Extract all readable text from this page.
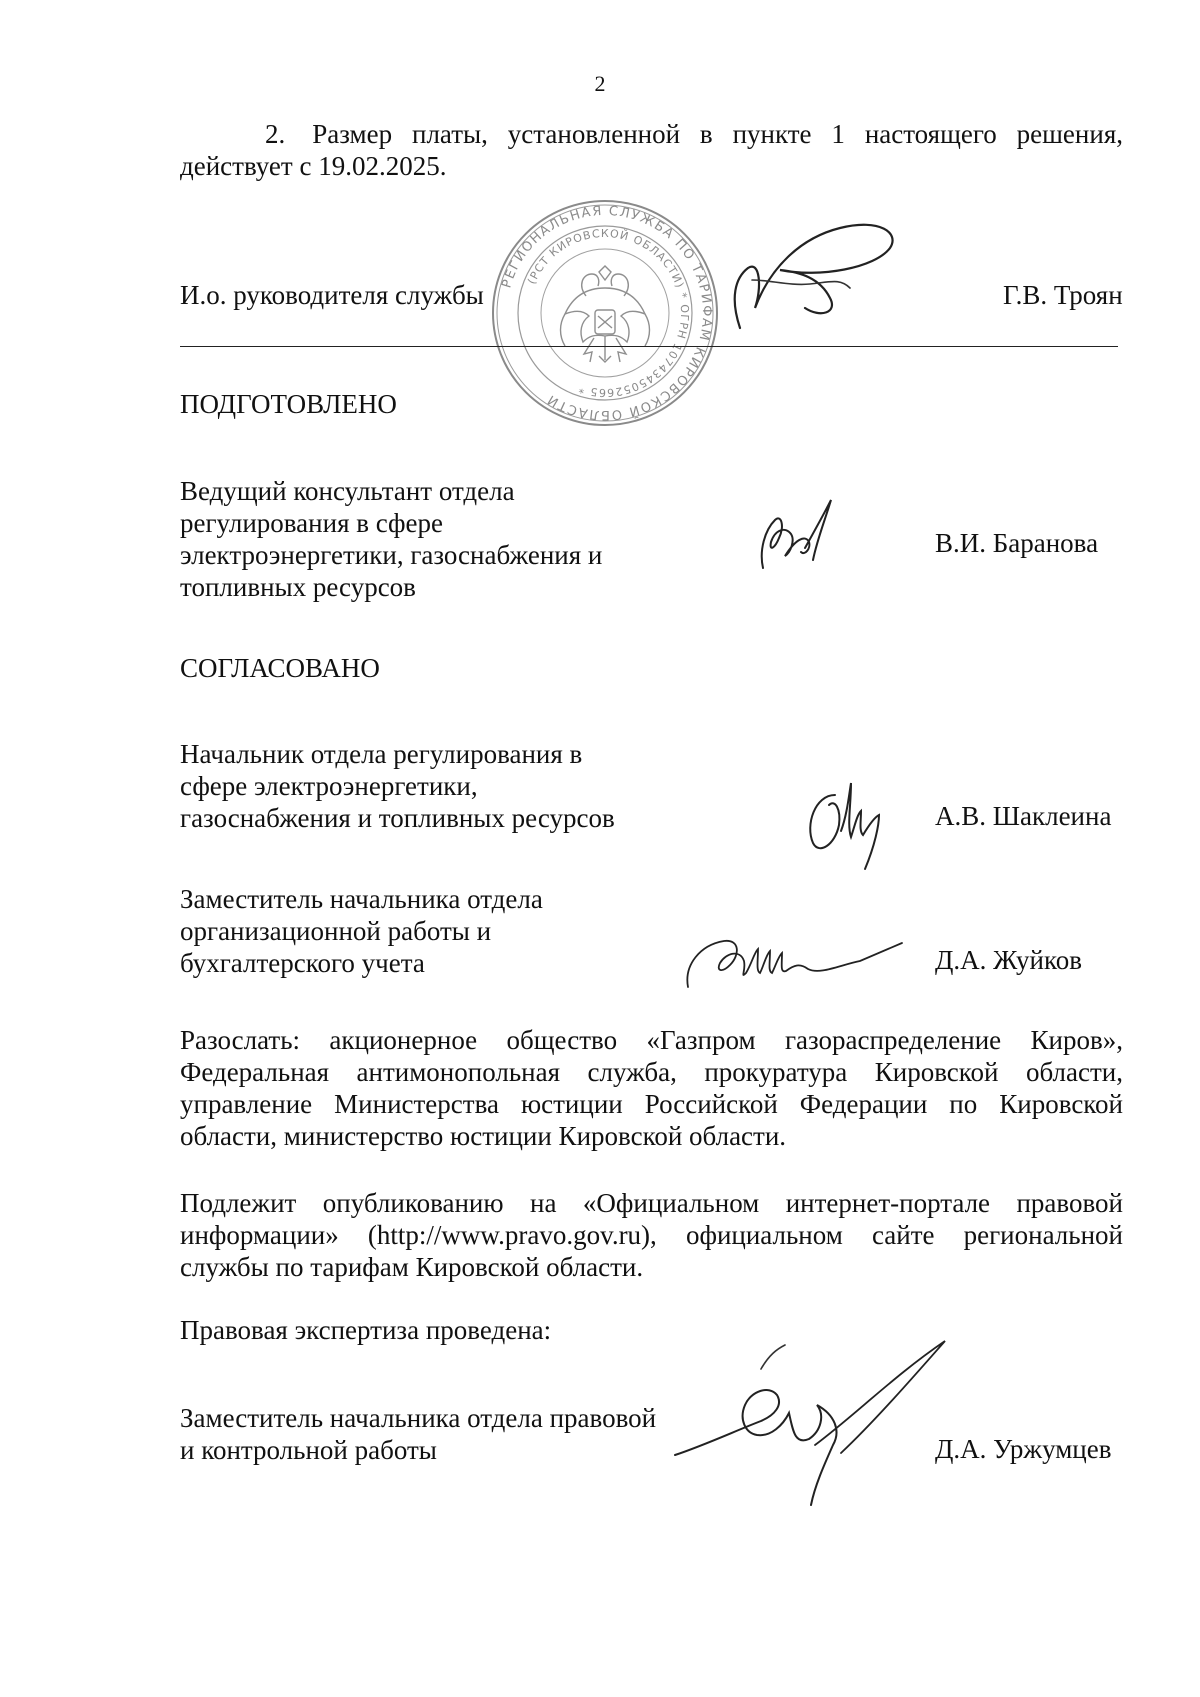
2
2. Размер платы, установленной в пункте 1 настоящего решения,
действует с 19.02.2025.
РЕГИОНАЛЬНАЯ СЛУЖБА ПО ТАРИФАМ КИРОВСКОЙ ОБЛАСТИ
(РСТ КИРОВСКОЙ ОБЛАСТИ) * ОГРН 1074345052665 *
И.о. руководителя службы	Г.В. Троян
ПОДГОТОВЛЕНО
Ведущий консультант отдела
регулирования в сфере
электроэнергетики, газоснабжения и
топливных ресурсов
В.И. Баранова
СОГЛАСОВАНО
Начальник отдела регулирования в
сфере электроэнергетики,
газоснабжения и топливных ресурсов	А.В. Шаклеина
Заместитель начальника отдела
организационной работы и
бухгалтерского учета	Д.А. Жуйков
Разослать: акционерное общество «Газпром газораспределение Киров»,
Федеральная антимонопольная служба, прокуратура Кировской области,
управление Министерства юстиции Российской Федерации по Кировской
области, министерство юстиции Кировской области.
Подлежит опубликованию на «Официальном интернет-портале правовой
информации» (http://www.pravo.gov.ru), официальном сайте региональной
службы по тарифам Кировской области.
Правовая экспертиза проведена:
Заместитель начальника отдела правовой
и контрольной работы	Д.А. Уржумцев
